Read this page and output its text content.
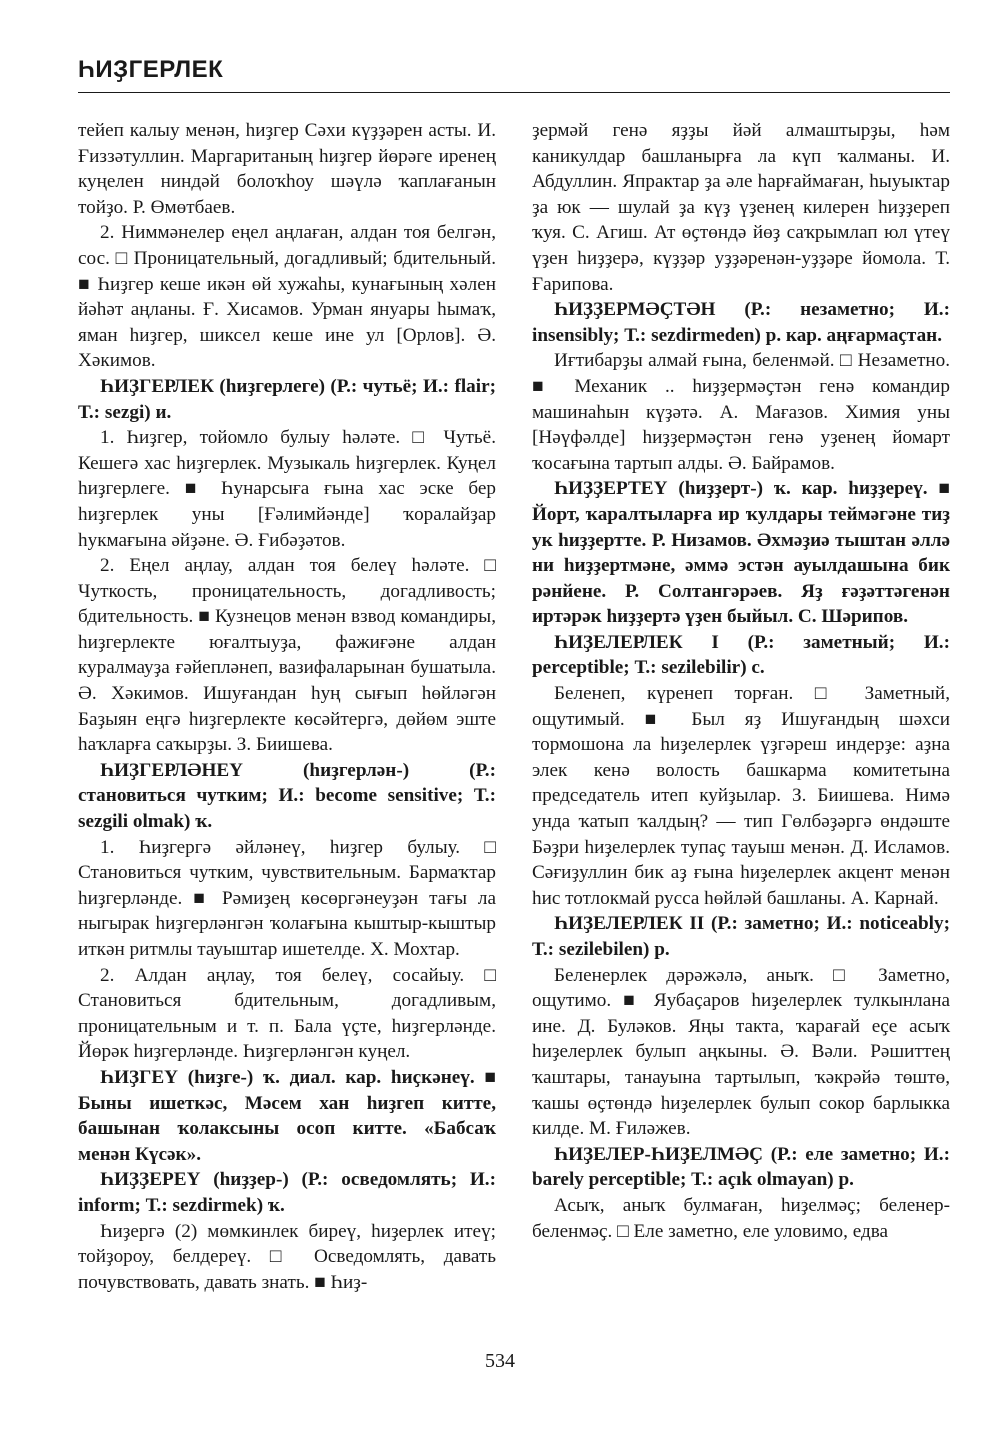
ҺИҘГЕРЛЕК

тейеп калыу менән, һиҙгер Сәхи күҙҙәрен асты. И. Ғиззәтуллин. Маргаританың һиҙгер йөрәге иренең куңелен ниндәй болоҡһоу шәүлә ҡаплағанын тойҙо. Р. Өмөтбаев.

2. Ниммәнелер еңел аңлаған, алдан тоя белгән, сос. □ Проницательный, догадливый; бдительный. ■ Һиҙгер кеше икән өй хужаһы, кунағының хәлен йәһәт аңланы. Ғ. Хисамов. Урман януары һымаҡ, яман һиҙгер, шиксел кеше ине ул [Орлов]. Ә. Хәкимов.

ҺИҘГЕРЛЕК (һиҙгерлеге) (Р.: чутьё; И.: flair; Т.: sezgi) и.

1. Һиҙгер, тойомло булыу һәләте. □ Чутьё. Кешегә хас һиҙгерлек. Музыкаль һиҙгерлек. Куңел һиҙгерлеге. ■ Һунарсыға ғына хас эске бер һиҙгерлек уны [Ғәлимйәнде] ҡоралайҙар һукмағына әйҙәне. Ә. Ғибәҙәтов.

2. Еңел аңлау, алдан тоя белеү һәләте. □ Чуткость, проницательность, догадливость; бдительность. ■ Кузнецов менән взвод командиры, һиҙгерлекте юғалтыуҙа, фажиғәне алдан куралмауҙа ғәйепләнеп, вазифаларынан бушатыла. Ә. Хәкимов. Ишуғандан һуң сығып һөйләгән Баҙыян еңгә һиҙгерлекте көсәйтергә, дөйөм эште һаҡларға саҡырҙы. З. Биишева.

ҺИҘГЕРЛӘНЕҮ (һиҙгерлән-) (Р.: становиться чутким; И.: become sensitive; Т.: sezgili olmak) ҡ.

1. Һиҙгергә әйләнеү, һиҙгер булыу. □ Становиться чутким, чувствительным. Бармаҡтар һиҙгерләнде. ■ Рәмиҙең көсөргәнеуҙән тағы ла ныгырак һиҙгерләнгән ҡолағына кыштыр-кыштыр иткән ритмлы тауыштар ишетелде. Х. Мохтар.

2. Алдан аңлау, тоя белеү, сосайыу. □ Становиться бдительным, догадливым, проницательным и т. п. Бала үҫте, һиҙгерләнде. Йөрәк һиҙгерләнде. Һиҙгерләнгән куңел.

ҺИҘГЕҮ (һиҙге-) ҡ. диал. кар. һиҫкәнеү. ■ Быны ишеткәс, Мәсем хан һиҙгеп китте, башынан ҡолаксыны осоп китте. «Бабсаҡ менән Күсәк».

ҺИҘҘЕРЕҮ (һиҙҙер-) (Р.: осведомлять; И.: inform; Т.: sezdirmek) ҡ.

Һиҙергә (2) мөмкинлек биреү, һиҙерлек итеү; тойҙороу, белдереү. □ Осведомлять, давать почувствовать, давать знать. ■ Һиҙ-

ҙермәй генә яҙҙы йәй алмаштырҙы, һәм каникулдар башланырға ла күп ҡалманы. И. Абдуллин. Япрактар ҙа әле һарғаймаған, һыуыктар ҙа юк — шулай ҙа күҙ үҙенең килерен һиҙҙереп ҡуя. С. Агиш. Ат өҫтөндә йөҙ саҡрымлап юл үтеү үҙен һиҙҙерә, күҙҙәр уҙҙәренән-уҙҙәре йомола. Т. Ғарипова.

ҺИҘҘЕРМӘҪТӘН (Р.: незаметно; И.: insensibly; Т.: sezdirmeden) р. кар. аңғармаҫтан.

Иғтибарҙы алмай ғына, беленмәй. □ Незаметно. ■ Механик .. һиҙҙермәҫтән генә командир машинаһын күҙәтә. А. Мағазов. Химия уны [Нәүфәлде] һиҙҙермәҫтән генә уҙенең йомарт ҡосағына тартып алды. Ә. Байрамов.

ҺИҘҘЕРТЕҮ (һиҙҙерт-) ҡ. кар. һиҙҙереү. ■ Йорт, ҡаралтыларға ир ҡулдары теймәгәне тиҙ ук һиҙҙертте. Р. Низамов. Әхмәҙиә тыштан әллә ни һиҙҙертмәне, әммә эстән ауылдашына бик рәнйене. Р. Солтангәрәев. Яҙ ғәҙәттәгенән иртәрәк һиҙҙертә үҙен быйыл. С. Шәрипов.

ҺИҘЕЛЕРЛЕК I (Р.: заметный; И.: perceptible; Т.: sezilebilir) с.

Беленеп, күренеп торған. □ Заметный, ощутимый. ■ Был яҙ Ишуғандың шәхси тормошона ла һиҙелерлек үҙгәреш индерҙе: аҙна элек кенә волость башкарма комитетына председатель итеп куйҙылар. З. Биишева. Нимә унда ҡатып ҡалдың? — тип Гөлбәҙәргә өндәште Бәҙри һиҙелерлек тупаҫ тауыш менән. Д. Исламов. Сәғиҙуллин бик аҙ ғына һиҙелерлек акцент менән һис тотлокмай русса һөйләй башланы. А. Карнай.

ҺИҘЕЛЕРЛЕК II (Р.: заметно; И.: noticeably; Т.: sezilebilen) р.

Беленерлек дәрәжәлә, аныҡ. □ Заметно, ощутимо. ■ Яубаҫаров һиҙелерлек тулкынлана ине. Д. Буләков. Яңы такта, ҡарағай еҫе асыҡ һиҙелерлек булып аңкыны. Ә. Вәли. Рәшиттең ҡаштары, танауына тартылып, ҡәкрәйә төштө, ҡашы өҫтөндә һиҙелерлек булып сокор барлыкка килде. М. Ғиләжев.

ҺИҘЕЛЕР-ҺИҘЕЛМӘҪ (Р.: еле заметно; И.: barely perceptible; Т.: açık olmayan) р.

Асыҡ, аныҡ булмаған, һиҙелмәҫ; беленер-беленмәҫ. □ Еле заметно, еле уловимо, едва

534
